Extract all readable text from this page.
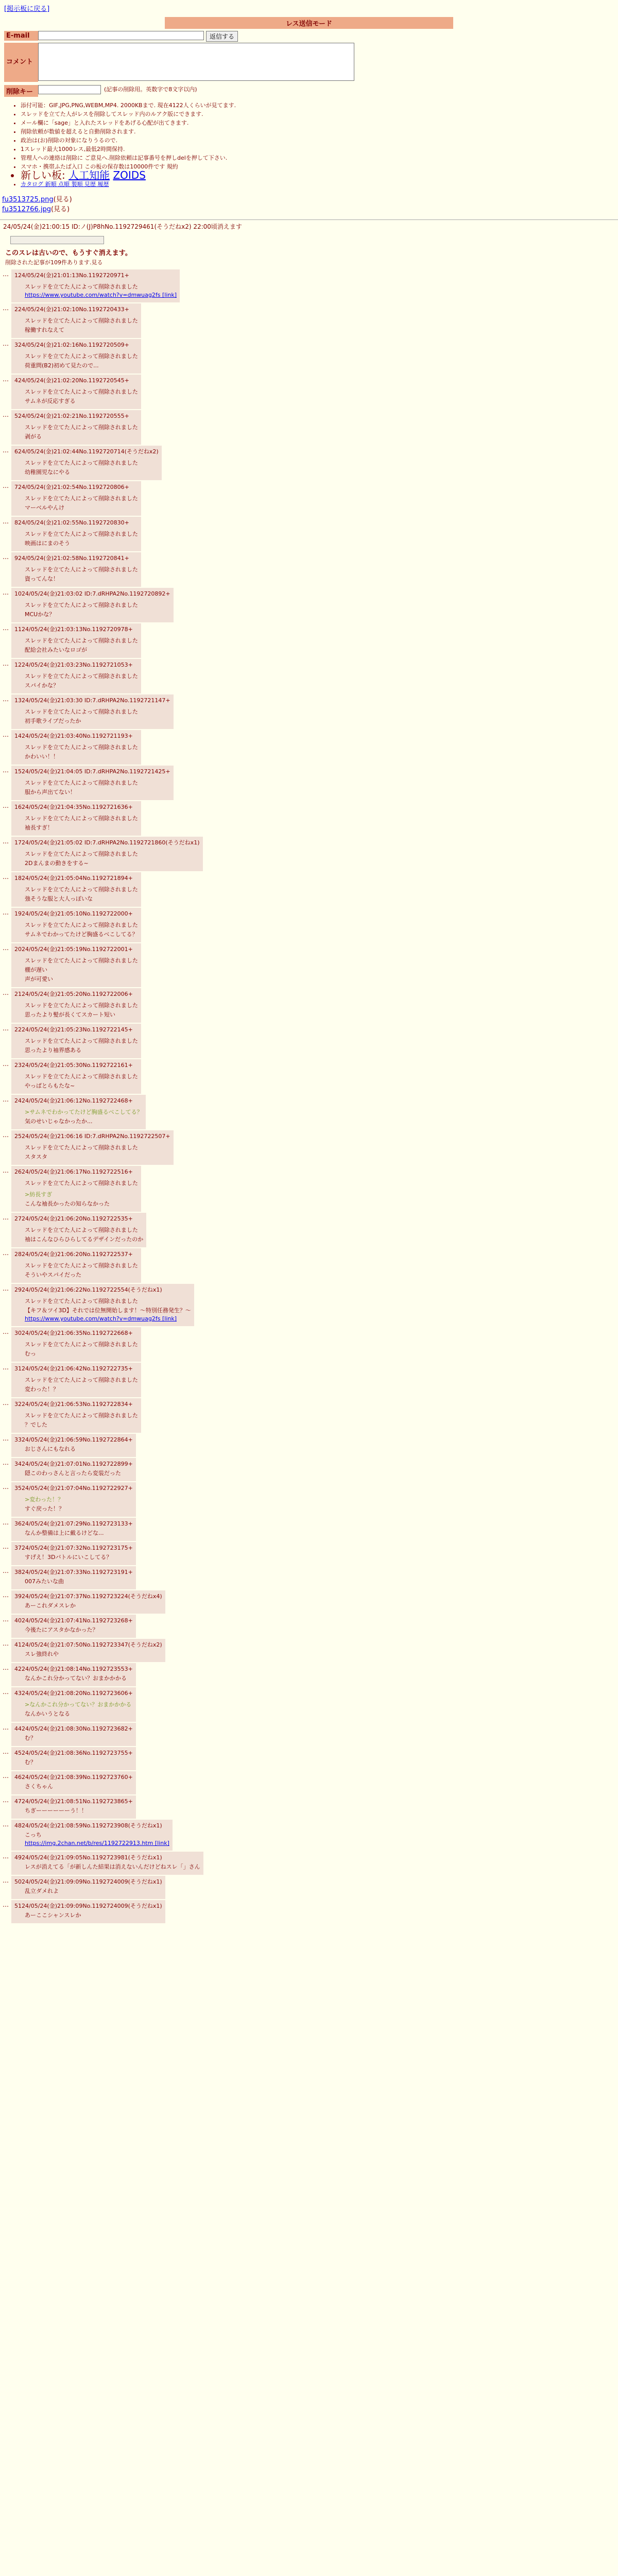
[掲示板に戻る]
レス送信モード
E-mail	返信する
コメント
削除キー	(記事の削除用。英数字で8文字以内)
• 添付可能：GIF,JPG,PNG,WEBM,MP4. 2000KBまで. 現在4122人くらいが見てます.
• スレッドを立てた人がレスを削除してスレッド内のルアク版にできます.
• メール欄に「sage」と入れたスレッドをあげる心配が出てきます.
• 削除依頼が数値を超えると自動削除されます.
• 政治は(お)削除の対象になりうるので.
• 1スレッド最大1000レス,最低2時間保持.
• 管理人への連絡は削除に ご意見へ.削除依頼は記事番号を押しdelを押して下さい.
• スマホ・携帯ふたば入口 この板の保存数は10000件です 規約
• 新しい板: 人工知能 ZOIDS
• カタログ 新順 点順 製順 見歴 履歴
fu3513725.png(見る)
fu3512766.jpg(見る)
24/05/24(金)21:00:15 ID:ノ(J)P8hNo.1192729461(そうだねx2) 22:00頃消えます
このスレは古いので、もうすぐ消えます。
削除された記事が109件あります.見る
…	124/05/24(金)21:01:13No.1192720971+
スレッドを立てた人によって削除されました
https://www.youtube.com/watch?v=dmwuag2fs [link]
…	224/05/24(金)21:02:10No.1192720433+
スレッドを立てた人によって削除されました
稼働すれなえて
…	324/05/24(金)21:02:16No.1192720509+
スレッドを立てた人によって削除されました
荷重問(B2)初めて見たので...
…	424/05/24(金)21:02:20No.1192720545+
スレッドを立てた人によって削除されました
サムネが反応すぎる
…	524/05/24(金)21:02:21No.1192720555+
スレッドを立てた人によって削除されました
剥がる
…	624/05/24(金)21:02:44No.1192720714(そうだねx2)
スレッドを立てた人によって削除されました
幼稚園児なにやる
…	724/05/24(金)21:02:54No.1192720806+
スレッドを立てた人によって削除されました
マーベルやんけ
…	824/05/24(金)21:02:55No.1192720830+
スレッドを立てた人によって削除されました
映画はにまのそう
…	924/05/24(金)21:02:58No.1192720841+
スレッドを立てた人によって削除されました
資ってんな！
…	1024/05/24(金)21:03:02 ID:7.dRHPA2No.1192720892+
スレッドを立てた人によって削除されました
MCUかな？
…	1124/05/24(金)21:03:13No.1192720978+
スレッドを立てた人によって削除されました
配給会社みたいなロゴが
…	1224/05/24(金)21:03:23No.1192721053+
スレッドを立てた人によって削除されました
スパイかな？
…	1324/05/24(金)21:03:30 ID:7.dRHPA2No.1192721147+
スレッドを立てた人によって削除されました
初手歌ライブだったか
…	1424/05/24(金)21:03:40No.1192721193+
スレッドを立てた人によって削除されました
かわいい！！
…	1524/05/24(金)21:04:05 ID:7.dRHPA2No.1192721425+
スレッドを立てた人によって削除されました
服から声出てない！
…	1624/05/24(金)21:04:35No.1192721636+
スレッドを立てた人によって削除されました
袖長すぎ！
…	1724/05/24(金)21:05:02 ID:7.dRHPA2No.1192721860(そうだねx1)
スレッドを立てた人によって削除されました
2Dまんまの動きをする~
…	1824/05/24(金)21:05:04No.1192721894+
スレッドを立てた人によって削除されました
強そうな服と大人っぽいな
…	1924/05/24(金)21:05:10No.1192722000+
スレッドを立てた人によって削除されました
サムネでわかってたけど胸盛るべこしてる？
…	2024/05/24(金)21:05:19No.1192722001+
スレッドを立てた人によって削除されました
棚が遅い
声が可愛い
…	2124/05/24(金)21:05:20No.1192722006+
スレッドを立てた人によって削除されました
思ったより髪が長くてスカート短い
…	2224/05/24(金)21:05:23No.1192722145+
スレッドを立てた人によって削除されました
思ったより袖界感ある
…	2324/05/24(金)21:05:30No.1192722161+
スレッドを立てた人によって削除されました
やっぱとらもたな~
…	2424/05/24(金)21:06:12No.1192722468+
>サムネでわかってたけど胸盛るべこしてる？
気のせいじゃなかったか...
…	2524/05/24(金)21:06:16 ID:7.dRHPA2No.1192722507+
スレッドを立てた人によって削除されました
スタスタ
…	2624/05/24(金)21:06:17No.1192722516+
スレッドを立てた人によって削除されました
>紡長すぎ
こんな袖長かったの知らなかった
…	2724/05/24(金)21:06:20No.1192722535+
スレッドを立てた人によって削除されました
袖はこんなひらひらしてるデザインだったのか
…	2824/05/24(金)21:06:20No.1192722537+
スレッドを立てた人によって削除されました
そういやスパイだった
…	2924/05/24(金)21:06:22No.1192722554(そうだねx1)
スレッドを立てた人によって削除されました
【キフ＆ツイ3D】それでは位無開始します！〜特別任務発生？〜
https://www.youtube.com/watch?v=dmwuag2fs [link]
…	3024/05/24(金)21:06:35No.1192722668+
スレッドを立てた人によって削除されました
むっ
…	3124/05/24(金)21:06:42No.1192722735+
スレッドを立てた人によって削除されました
変わった！？
…	3224/05/24(金)21:06:53No.1192722834+
スレッドを立てた人によって削除されました
？でした
…	3324/05/24(金)21:06:59No.1192722864+
おじさんにもなれる
…	3424/05/24(金)21:07:01No.1192722899+
隠このわっさんと言ったら変装だった
…	3524/05/24(金)21:07:04No.1192722927+
>変わった！？
すぐ戻った！？
…	3624/05/24(金)21:07:29No.1192723133+
なんか整備は上に戴るけどな...
…	3724/05/24(金)21:07:32No.1192723175+
すげえ！3Dバトルにいこしてる？
…	3824/05/24(金)21:07:33No.1192723191+
007みたいな曲
…	3924/05/24(金)21:07:37No.1192723224(そうだねx4)
あーこれダメスレか
…	4024/05/24(金)21:07:41No.1192723268+
今後たにアスタかなかった？
…	4124/05/24(金)21:07:50No.1192723347(そうだねx2)
スレ強終れや
…	4224/05/24(金)21:08:14No.1192723553+
なんかこれ分かってない？おまかかかる
…	4324/05/24(金)21:08:20No.1192723606+
>なんかこれ分かってない？おまかかかる
なんかいうとなる
…	4424/05/24(金)21:08:30No.1192723682+
む？
…	4524/05/24(金)21:08:36No.1192723755+
む？
…	4624/05/24(金)21:08:39No.1192723760+
さくちゃん
…	4724/05/24(金)21:08:51No.1192723865+
ちぎーーーーーーう！！
…	4824/05/24(金)21:08:59No.1192723908(そうだねx1)
こっち
https://img.2chan.net/b/res/1192722913.htm [link]
…	4924/05/24(金)21:09:05No.1192723981(そうだねx1)
レスが消えてる「が新しんた結果は消えないんだけどねスレ「」さん
…	5024/05/24(金)21:09:09No.1192724009(そうだねx1)
乱立ダメれよ
…	5124/05/24(金)21:09:09No.1192724009(そうだねx1)
あーここシャンスレか
